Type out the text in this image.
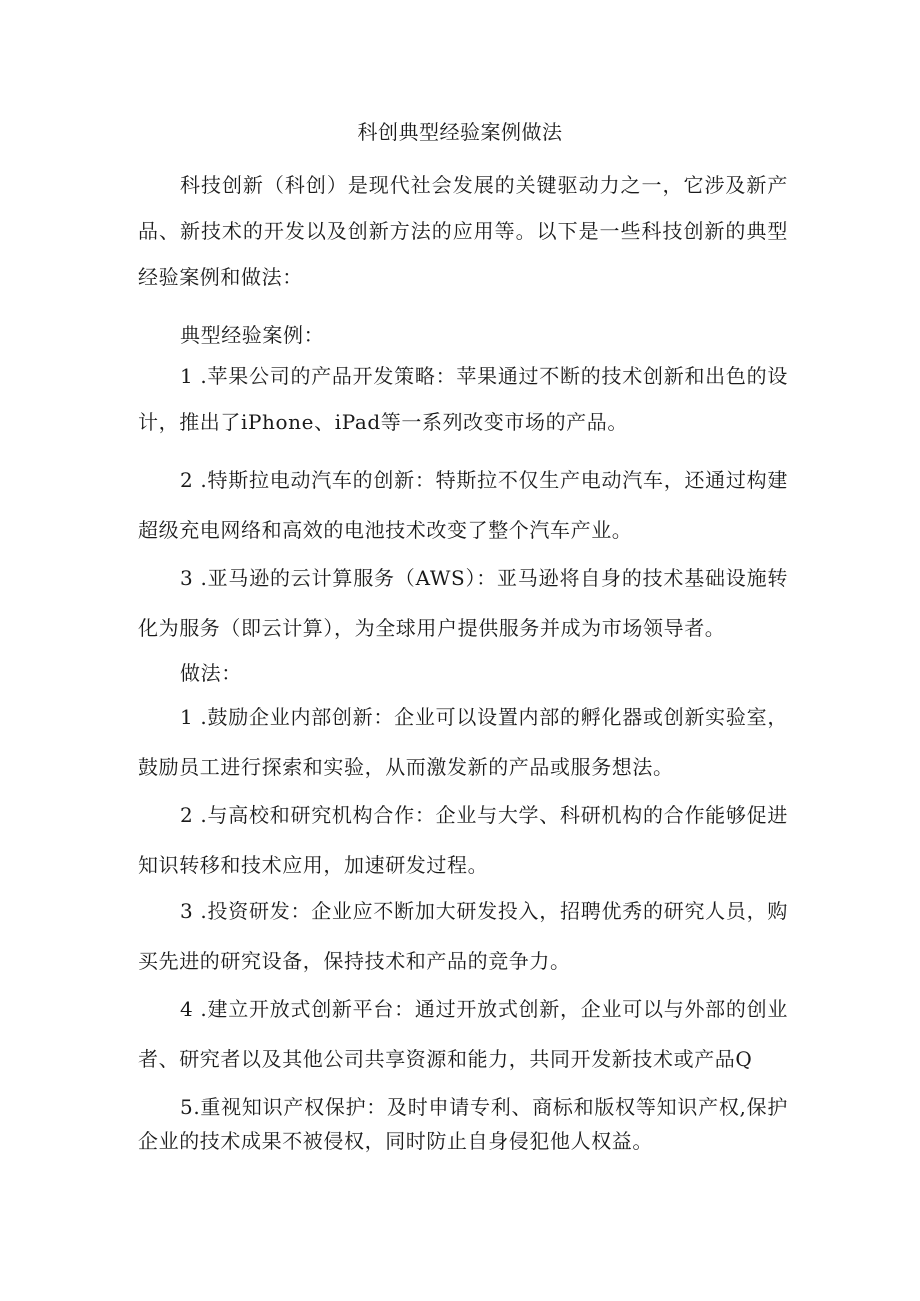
科创典型经验案例做法

科技创新（科创）是现代社会发展的关键驱动力之一，它涉及新产品、新技术的开发以及创新方法的应用等。以下是一些科技创新的典型经验案例和做法：

典型经验案例：

1 .苹果公司的产品开发策略：苹果通过不断的技术创新和出色的设计，推出了iPhone、iPad等一系列改变市场的产品。

2 .特斯拉电动汽车的创新：特斯拉不仅生产电动汽车，还通过构建超级充电网络和高效的电池技术改变了整个汽车产业。

3 .亚马逊的云计算服务（AWS）：亚马逊将自身的技术基础设施转化为服务（即云计算），为全球用户提供服务并成为市场领导者。

做法：

1 .鼓励企业内部创新：企业可以设置内部的孵化器或创新实验室，鼓励员工进行探索和实验，从而激发新的产品或服务想法。

2 .与高校和研究机构合作：企业与大学、科研机构的合作能够促进知识转移和技术应用，加速研发过程。

3 .投资研发：企业应不断加大研发投入，招聘优秀的研究人员，购买先进的研究设备，保持技术和产品的竞争力。

4 .建立开放式创新平台：通过开放式创新，企业可以与外部的创业者、研究者以及其他公司共享资源和能力，共同开发新技术或产品Q

5.重视知识产权保护：及时申请专利、商标和版权等知识产权,保护企业的技术成果不被侵权，同时防止自身侵犯他人权益。
